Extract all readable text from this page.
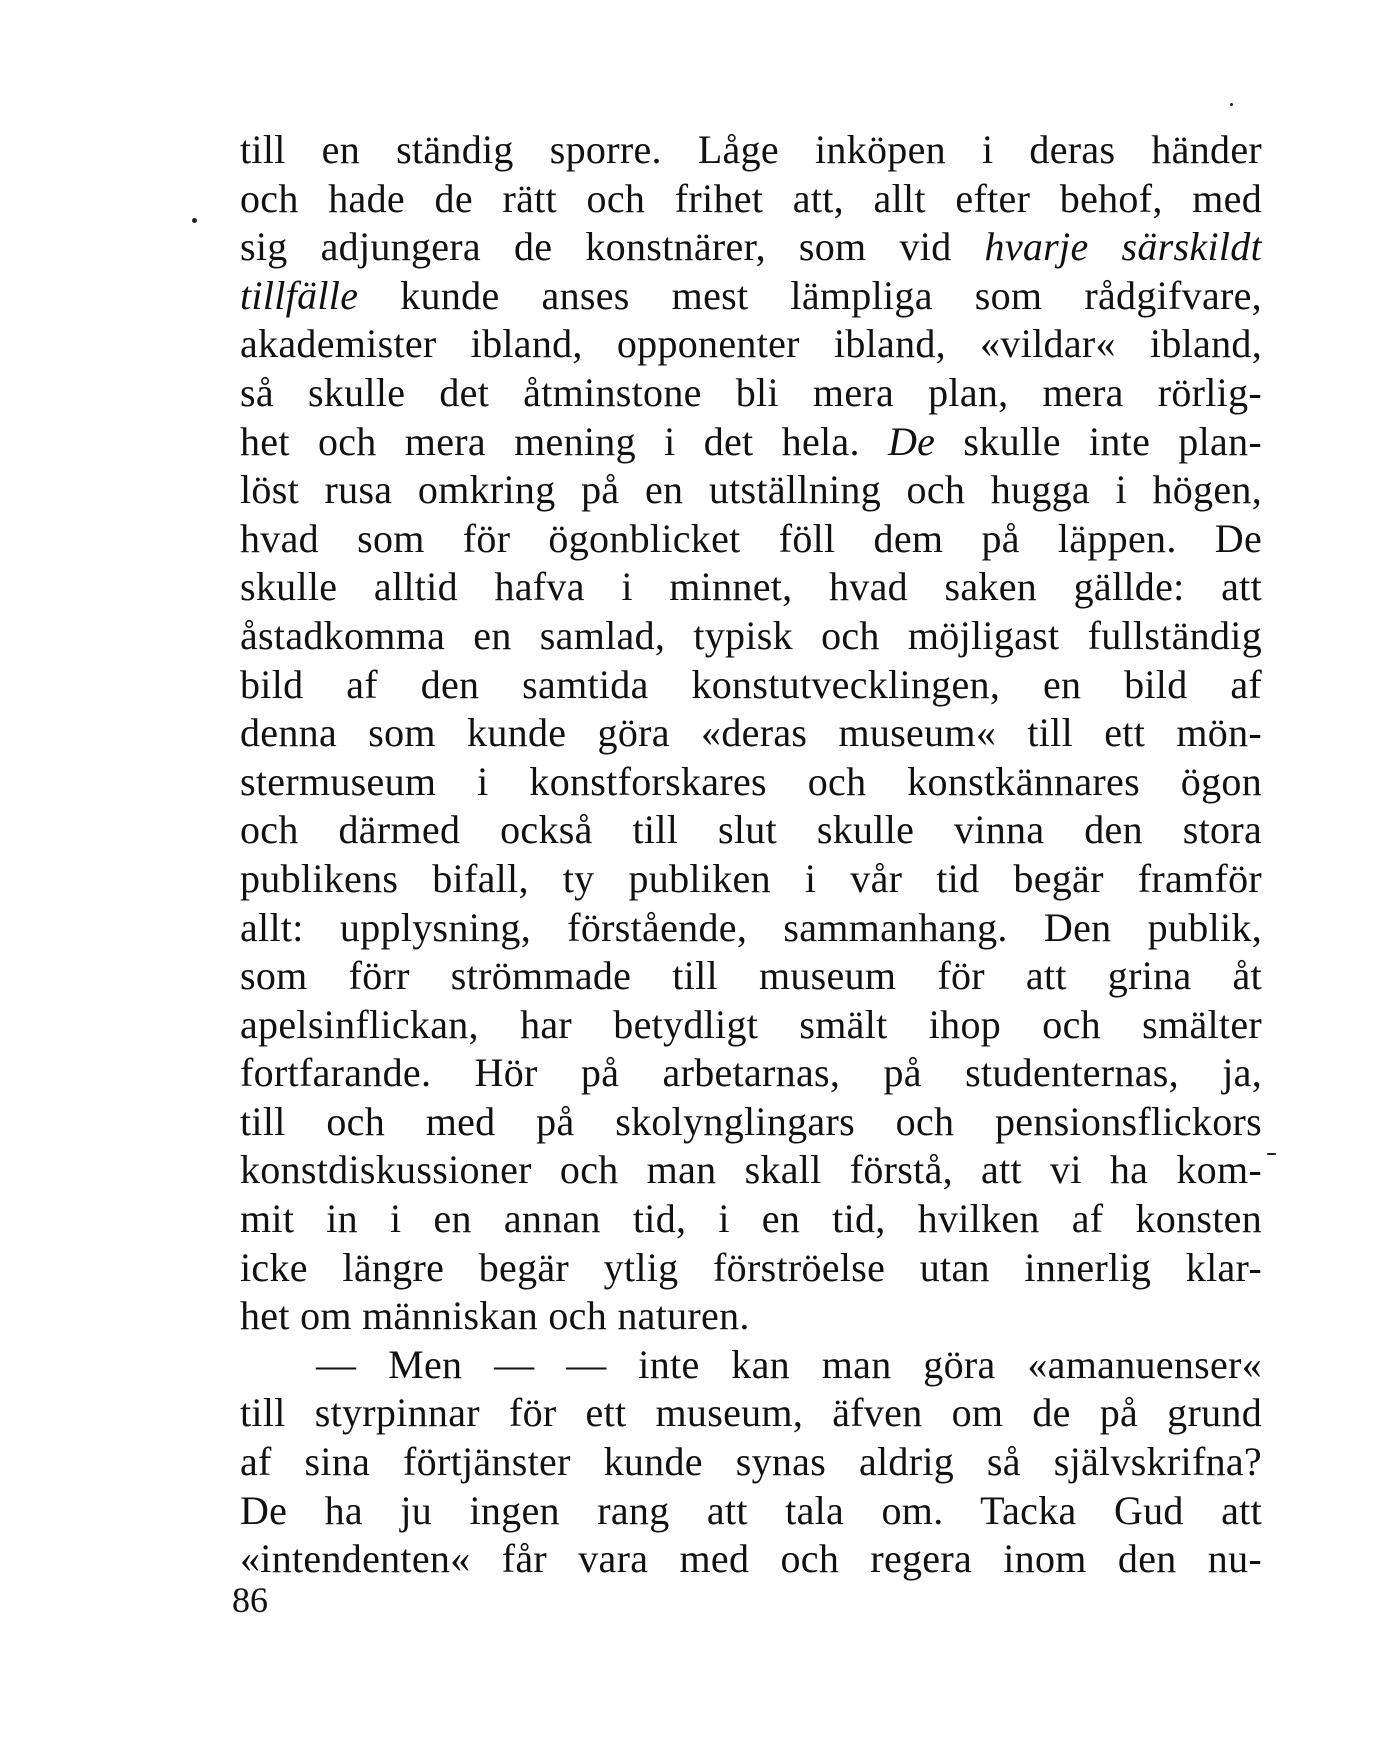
till en ständig sporre. Låge inköpen i deras händer
och hade de rätt och frihet att, allt efter behof, med
sig adjungera de konstnärer, som vid hvarje särskildt
tillfälle kunde anses mest lämpliga som rådgifvare,
akademister ibland, opponenter ibland, «vildar« ibland,
så skulle det åtminstone bli mera plan, mera rörlig-
het och mera mening i det hela. De skulle inte plan-
löst rusa omkring på en utställning och hugga i högen,
hvad som för ögonblicket föll dem på läppen. De
skulle alltid hafva i minnet, hvad saken gällde: att
åstadkomma en samlad, typisk och möjligast fullständig
bild af den samtida konstutvecklingen, en bild af
denna som kunde göra «deras museum« till ett mön-
stermuseum i konstforskares och konstkännares ögon
och därmed också till slut skulle vinna den stora
publikens bifall, ty publiken i vår tid begär framför
allt: upplysning, förstående, sammanhang. Den publik,
som förr strömmade till museum för att grina åt
apelsinflickan, har betydligt smält ihop och smälter
fortfarande. Hör på arbetarnas, på studenternas, ja,
till och med på skolynglingars och pensionsflickors
konstdiskussioner och man skall förstå, att vi ha kom-
mit in i en annan tid, i en tid, hvilken af konsten
icke längre begär ytlig förströelse utan innerlig klar-
het om människan och naturen.
— Men — — inte kan man göra «amanuenser«
till styrpinnar för ett museum, äfven om de på grund
af sina förtjänster kunde synas aldrig så självskrifna?
De ha ju ingen rang att tala om. Tacka Gud att
«intendenten« får vara med och regera inom den nu-
86
